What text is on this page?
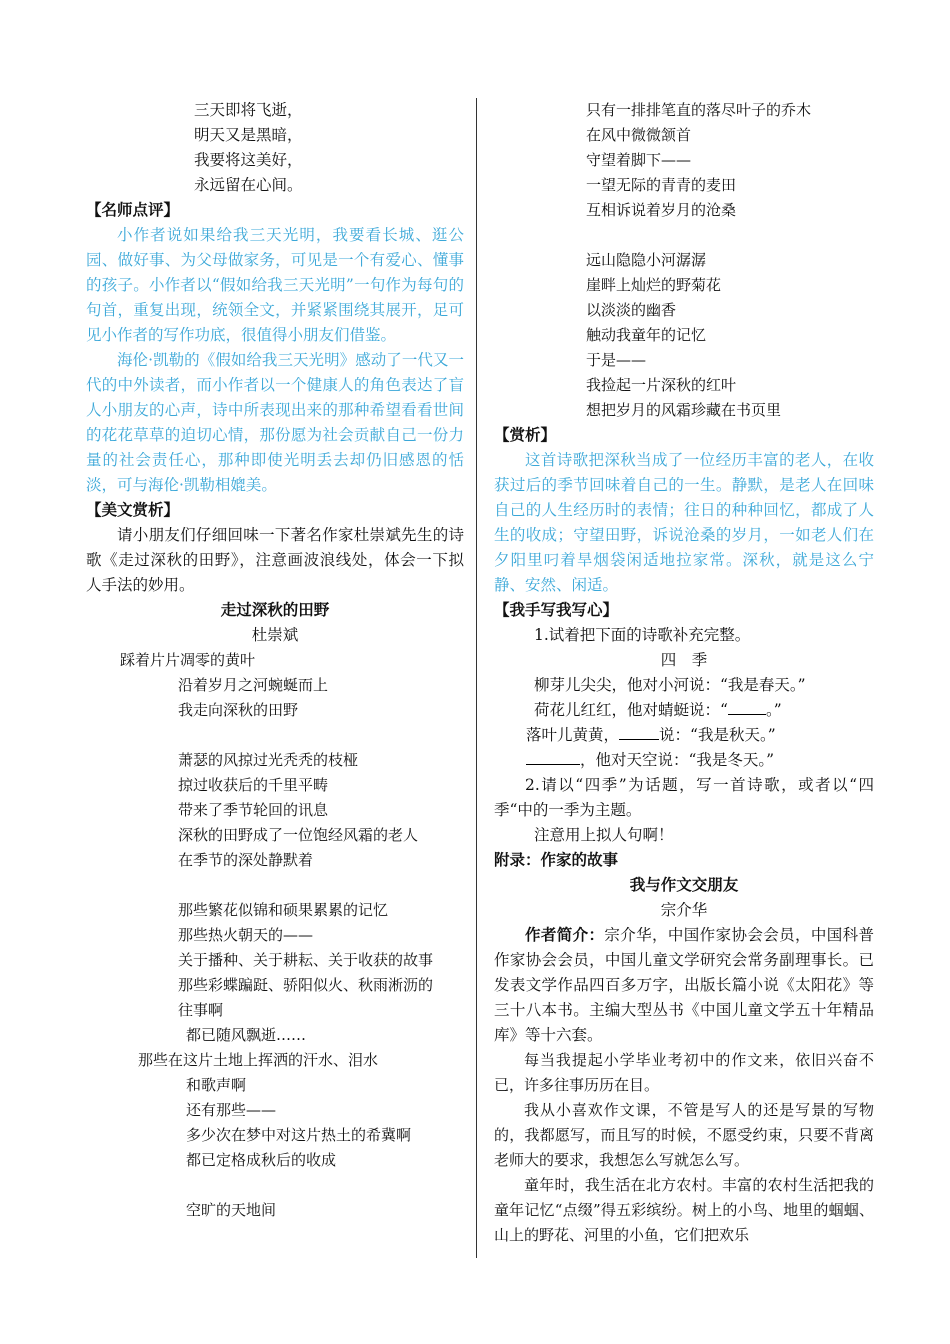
三天即将飞逝，
明天又是黑暗，
我要将这美好，
永远留在心间。
【名师点评】
小作者说如果给我三天光明，我要看长城、逛公园、做好事、为父母做家务，可见是一个有爱心、懂事的孩子。小作者以“假如给我三天光明”一句作为每句的句首，重复出现，统领全文，并紧紧围绕其展开，足可见小作者的写作功底，很值得小朋友们借鉴。
海伦·凯勒的《假如给我三天光明》感动了一代又一代的中外读者，而小作者以一个健康人的角色表达了盲人小朋友的心声，诗中所表现出来的那种希望看看世间的花花草草的迫切心情，那份愿为社会贡献自己一份力量的社会责任心，那种即使光明丢去却仍旧感恩的恬淡，可与海伦·凯勒相媲美。
【美文赏析】
请小朋友们仔细回味一下著名作家杜崇斌先生的诗歌《走过深秋的田野》，注意画波浪线处，体会一下拟人手法的妙用。
走过深秋的田野
杜崇斌
踩着片片凋零的黄叶
沿着岁月之河蜿蜒而上
我走向深秋的田野
萧瑟的风掠过光秃秃的枝桠
掠过收获后的千里平畴
带来了季节轮回的讯息
深秋的田野成了一位饱经风霜的老人
在季节的深处静默着
那些繁花似锦和硕果累累的记忆
那些热火朝天的——
关于播种、关于耕耘、关于收获的故事
那些彩蝶蹁跹、骄阳似火、秋雨淅沥的
往事啊
都已随风飘逝……
那些在这片土地上挥洒的汗水、泪水
和歌声啊
还有那些——
多少次在梦中对这片热土的希冀啊
都已定格成秋后的收成
空旷的天地间
只有一排排笔直的落尽叶子的乔木
在风中微微颔首
守望着脚下——
一望无际的青青的麦田
互相诉说着岁月的沧桑
远山隐隐小河潺潺
崖畔上灿烂的野菊花
以淡淡的幽香
触动我童年的记忆
于是——
我捡起一片深秋的红叶
想把岁月的风霜珍藏在书页里
【赏析】
这首诗歌把深秋当成了一位经历丰富的老人，在收获过后的季节回味着自己的一生。静默，是老人在回味自己的人生经历时的表情；往日的种种回忆，都成了人生的收成；守望田野，诉说沧桑的岁月，一如老人们在夕阳里叼着旱烟袋闲适地拉家常。深秋，就是这么宁静、安然、闲适。
【我手写我写心】
1.试着把下面的诗歌补充完整。
四　季
柳芽儿尖尖，他对小河说：“我是春天。”
荷花儿红红，他对蜻蜓说：“ 。”
落叶儿黄黄，	说：“我是秋天。”
，他对天空说：“我是冬天。”
2.请以“四季”为话题，写一首诗歌，或者以“四季“中的一季为主题。
注意用上拟人句啊！
附录：作家的故事
我与作文交朋友
宗介华
作者简介：宗介华，中国作家协会会员，中国科普作家协会会员，中国儿童文学研究会常务副理事长。已发表文学作品四百多万字，出版长篇小说《太阳花》等三十八本书。主编大型丛书《中国儿童文学五十年精品库》等十六套。
每当我提起小学毕业考初中的作文来，依旧兴奋不已，许多往事历历在目。
我从小喜欢作文课，不管是写人的还是写景的写物的，我都愿写，而且写的时候，不愿受约束，只要不背离老师大的要求，我想怎么写就怎么写。
童年时，我生活在北方农村。丰富的农村生活把我的童年记忆“点缀”得五彩缤纷。树上的小鸟、地里的蝈蝈、山上的野花、河里的小鱼，它们把欢乐
